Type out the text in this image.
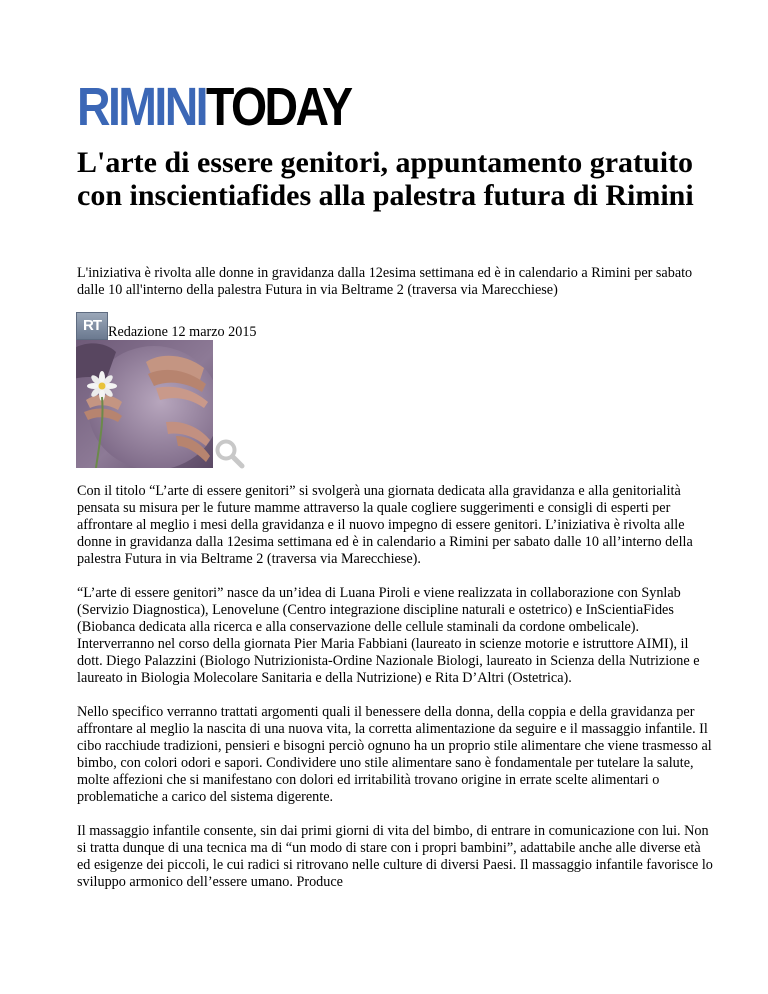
RIMINITODAY
L'arte di essere genitori, appuntamento gratuito con inscientiafides alla palestra futura di Rimini

L'iniziativa è rivolta alle donne in gravidanza dalla 12esima settimana ed è in calendario a Rimini per sabato dalle 10 all'interno della palestra Futura in via Beltrame 2 (traversa via Marecchiese)

RT Redazione 12 marzo 2015

Con il titolo “L’arte di essere genitori” si svolgerà una giornata dedicata alla gravidanza e alla genitorialità pensata su misura per le future mamme attraverso la quale cogliere suggerimenti e consigli di esperti per affrontare al meglio i mesi della gravidanza e il nuovo impegno di essere genitori. L’iniziativa è rivolta alle donne in gravidanza dalla 12esima settimana ed è in calendario a Rimini per sabato dalle 10 all’interno della palestra Futura in via Beltrame 2 (traversa via Marecchiese).

“L’arte di essere genitori” nasce da un’idea di Luana Piroli e viene realizzata in collaborazione con Synlab (Servizio Diagnostica), Lenovelune (Centro integrazione discipline naturali e ostetrico) e InScientiaFides (Biobanca dedicata alla ricerca e alla conservazione delle cellule staminali da cordone ombelicale). Interverranno nel corso della giornata Pier Maria Fabbiani (laureato in scienze motorie e istruttore AIMI), il dott. Diego Palazzini (Biologo Nutrizionista-Ordine Nazionale Biologi, laureato in Scienza della Nutrizione e laureato in Biologia Molecolare Sanitaria e della Nutrizione) e Rita D’Altri (Ostetrica).

Nello specifico verranno trattati argomenti quali il benessere della donna, della coppia e della gravidanza per affrontare al meglio la nascita di una nuova vita, la corretta alimentazione da seguire e il massaggio infantile. Il cibo racchiude tradizioni, pensieri e bisogni perciò ognuno ha un proprio stile alimentare che viene trasmesso al bimbo, con colori odori e sapori. Condividere uno stile alimentare sano è fondamentale per tutelare la salute, molte affezioni che si manifestano con dolori ed irritabilità trovano origine in errate scelte alimentari o problematiche a carico del sistema digerente.

Il massaggio infantile consente, sin dai primi giorni di vita del bimbo, di entrare in comunicazione con lui. Non si tratta dunque di una tecnica ma di “un modo di stare con i propri bambini”, adattabile anche alle diverse età ed esigenze dei piccoli, le cui radici si ritrovano nelle culture di diversi Paesi. Il massaggio infantile favorisce lo sviluppo armonico dell’essere umano. Produce
